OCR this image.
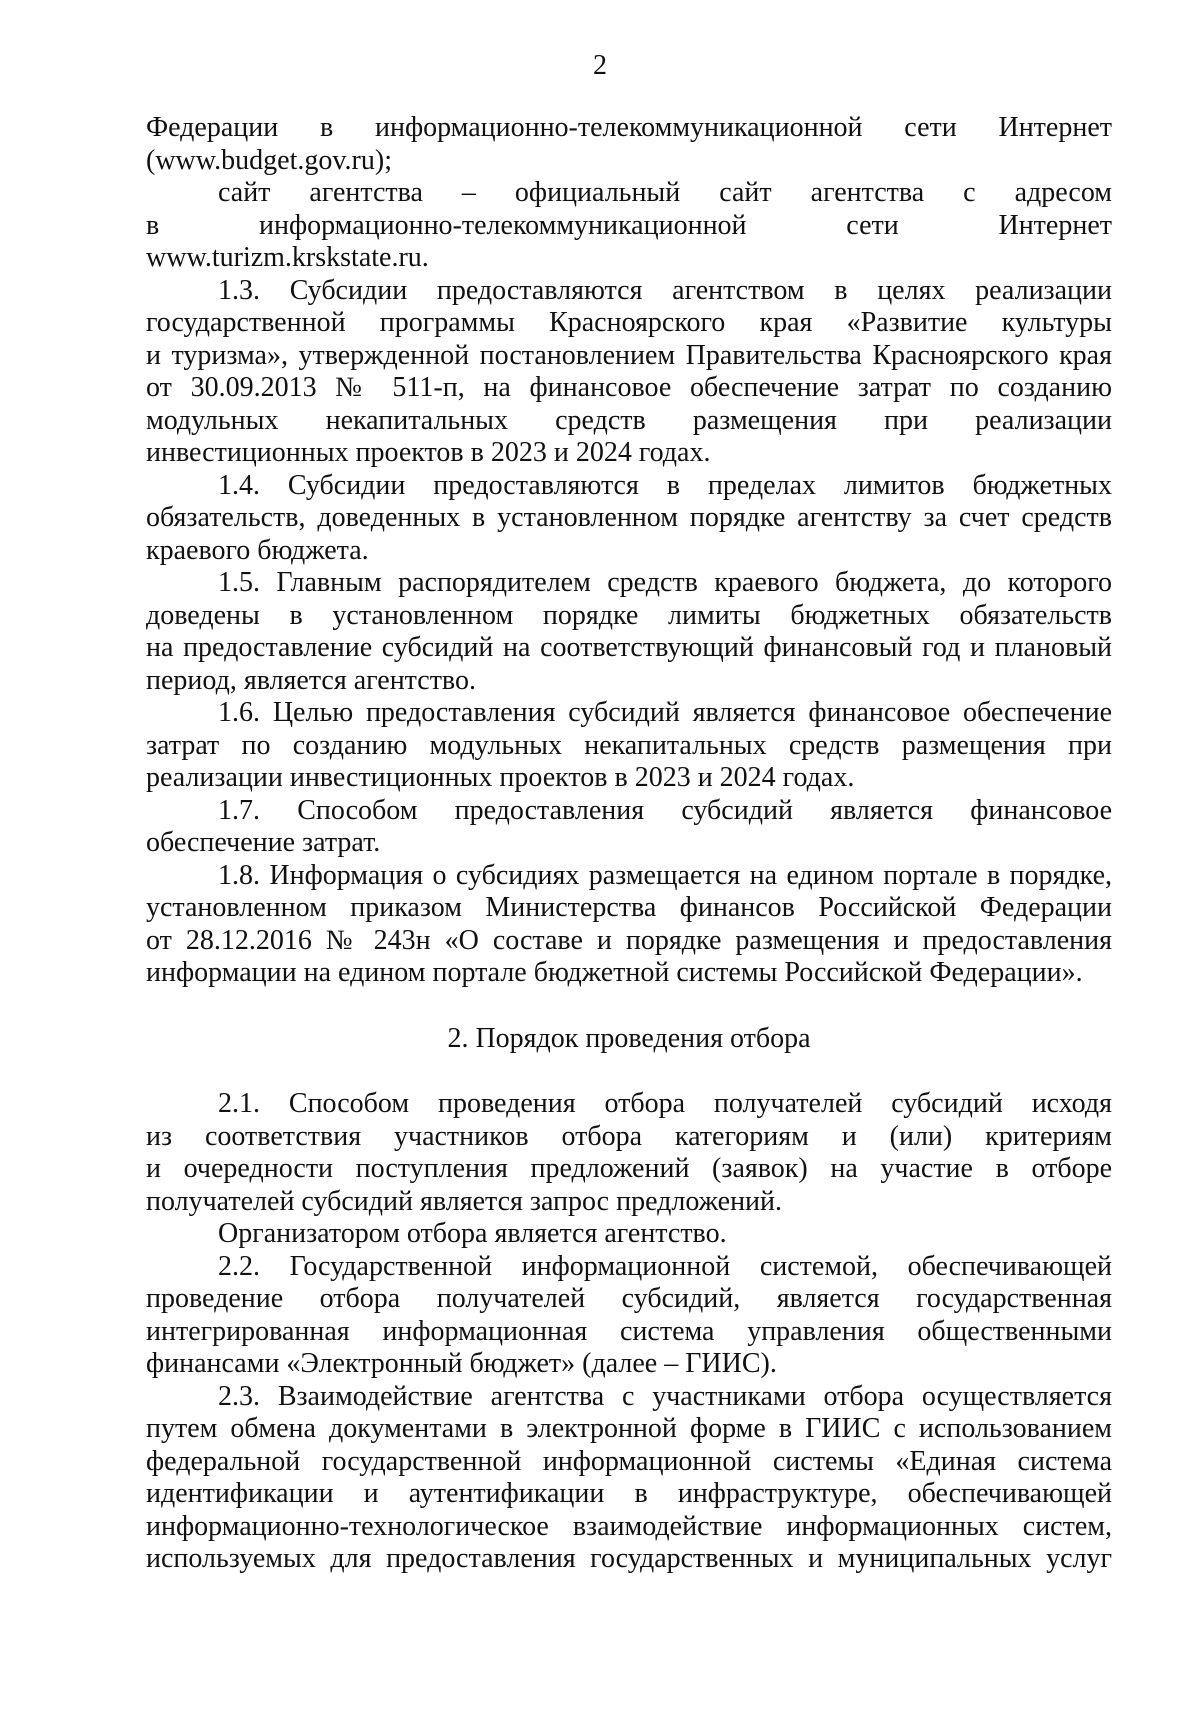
2
Федерации в информационно-телекоммуникационной сети Интернет
(www.budget.gov.ru);
сайт агентства – официальный сайт агентства с адресом
в информационно-телекоммуникационной сети Интернет
www.turizm.krskstate.ru.
1.3. Субсидии предоставляются агентством в целях реализации
государственной программы Красноярского края «Развитие культуры
и туризма», утвержденной постановлением Правительства Красноярского края
от 30.09.2013 № 511-п, на финансовое обеспечение затрат по созданию
модульных некапитальных средств размещения при реализации
инвестиционных проектов в 2023 и 2024 годах.
1.4. Субсидии предоставляются в пределах лимитов бюджетных
обязательств, доведенных в установленном порядке агентству за счет средств
краевого бюджета.
1.5. Главным распорядителем средств краевого бюджета, до которого
доведены в установленном порядке лимиты бюджетных обязательств
на предоставление субсидий на соответствующий финансовый год и плановый
период, является агентство.
1.6. Целью предоставления субсидий является финансовое обеспечение
затрат по созданию модульных некапитальных средств размещения при
реализации инвестиционных проектов в 2023 и 2024 годах.
1.7. Способом предоставления субсидий является финансовое
обеспечение затрат.
1.8. Информация о субсидиях размещается на едином портале в порядке,
установленном приказом Министерства финансов Российской Федерации
от 28.12.2016 № 243н «О составе и порядке размещения и предоставления
информации на едином портале бюджетной системы Российской Федерации».
2. Порядок проведения отбора
2.1. Способом проведения отбора получателей субсидий исходя
из соответствия участников отбора категориям и (или) критериям
и очередности поступления предложений (заявок) на участие в отборе
получателей субсидий является запрос предложений.
Организатором отбора является агентство.
2.2. Государственной информационной системой, обеспечивающей
проведение отбора получателей субсидий, является государственная
интегрированная информационная система управления общественными
финансами «Электронный бюджет» (далее – ГИИС).
2.3. Взаимодействие агентства с участниками отбора осуществляется
путем обмена документами в электронной форме в ГИИС с использованием
федеральной государственной информационной системы «Единая система
идентификации и аутентификации в инфраструктуре, обеспечивающей
информационно-технологическое взаимодействие информационных систем,
используемых для предоставления государственных и муниципальных услуг
